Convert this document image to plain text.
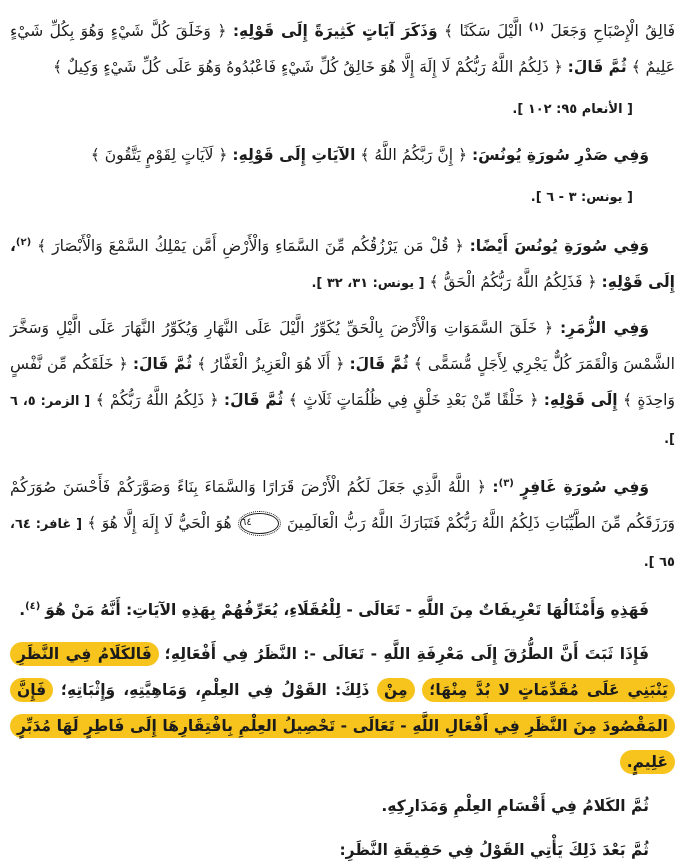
فَالِقُ الْإِصْبَاحِ وَجَعَلَ $^{(١)}$ الَّيْلَ سَكَنًا ﴾ وَذَكَرَ آيَاتٍ كَثِيرَةً إِلَى قَوْلِهِ: ﴿ وَخَلَقَ كُلَّ شَيْءٍ وَهُوَ بِكُلِّ شَيْءٍ عَلِيمٌ ﴾ ثُمَّ قَالَ: ﴿ ذَلِكُمُ اللَّهُ رَبُّكُمْ لَا إِلَهَ إِلَّا هُوَ خَالِقُ كُلِّ شَيْءٍ فَاعْبُدُوهُ وَهُوَ عَلَى كُلِّ شَيْءٍ وَكِيلٌ ﴾

[ الأنعام ٩٥: ١٠٢ ].

وَفِي صَدْرِ سُورَةِ يُونُسَ: ﴿ إِنَّ رَبَّكُمُ اللَّهُ ﴾ الآيَاتِ إِلَى قَوْلِهِ: ﴿ لَآيَاتٍ لِقَوْمٍ يَتَّقُونَ ﴾

[ يونس: ٣ - ٦ ].

وَفِي سُورَةِ يُونُسَ أَيْضًا: ﴿ قُلْ مَن يَرْزُقُكُم مِّنَ السَّمَاءِ وَالْأَرْضِ أَمَّن يَمْلِكُ السَّمْعَ وَالْأَبْصَارَ ﴾ $^{(٢)}$، إِلَى قَوْلِهِ: ﴿ فَذَلِكُمُ اللَّهُ رَبُّكُمُ الْحَقُّ ﴾ [ يونس: ٣١، ٣٢ ].

وَفِي الزُّمَرِ: ﴿ خَلَقَ السَّمَوَاتِ وَالْأَرْضَ بِالْحَقِّ يُكَوِّرُ الَّيْلَ عَلَى النَّهَارِ وَيُكَوِّرُ النَّهَارَ عَلَى الَّيْلِ وَسَخَّرَ الشَّمْسَ وَالْقَمَرَ كُلٌّ يَجْرِي لِأَجَلٍ مُّسَمًّى ﴾ ثُمَّ قَالَ: ﴿ أَلَا هُوَ الْعَزِيزُ الْغَفَّارُ ﴾ ثُمَّ قَالَ: ﴿ خَلَقَكُم مِّن نَّفْسٍ وَاحِدَةٍ ﴾ إِلَى قَوْلِهِ: ﴿ خَلْقًا مِّنْ بَعْدِ خَلْقٍ فِي ظُلُمَاتٍ ثَلَاثٍ ﴾ ثُمَّ قَالَ: ﴿ ذَلِكُمُ اللَّهُ رَبُّكُمْ ﴾ [ الزمر: ٥، ٦ ].

وَفِي سُورَةِ غَافِرٍ $^{(٣)}$: ﴿ اللَّهُ الَّذِي جَعَلَ لَكُمُ الْأَرْضَ قَرَارًا وَالسَّمَاءَ بِنَاءً وَصَوَّرَكُمْ فَأَحْسَنَ صُوَرَكُمْ وَرَزَقَكُم مِّنَ الطَّيِّبَاتِ ذَلِكُمُ اللَّهُ رَبُّكُمْ فَتَبَارَكَ اللَّهُ رَبُّ الْعَالَمِينَ ٦٤ هُوَ الْحَيُّ لَا إِلَهَ إِلَّا هُوَ ﴾ [ غافر: ٦٤، ٦٥ ].

فَهَذِهِ وَأَمْثَالُهَا تَعْرِيفَاتٌ مِنَ اللَّهِ - تَعَالَى - لِلْعُقَلَاءِ، يُعَرِّفُهُمْ بِهَذِهِ الآيَاتِ: أَنَّهُ مَنْ هُوَ $^{(٤)}$.

فَإِذَا ثَبَتَ أَنَّ الطُّرُقَ إِلَى مَعْرِفَةِ اللَّهِ - تَعَالَى -: النَّظَرُ فِي أَفْعَالِهِ؛ فَالكَلَامُ فِي النَّظَرِ يَنْبَنِي عَلَى مُقَدِّمَاتٍ لا بُدَّ مِنْهَا؛ مِنْ ذَلِكَ: القَوْلُ فِي العِلْمِ، وَمَاهِيَّتِهِ، وَإِثْبَاتِهِ؛ فَإِنَّ المَقْصُودَ مِنَ النَّظَرِ فِي أَفْعَالِ اللَّهِ - تَعَالَى - تَحْصِيلُ العِلْمِ بِافْتِقَارِهَا إِلَى فَاطِرٍ لَهَا مُدَبِّرٍ عَلِيمٍ.

ثُمَّ الكَلامُ فِي أَقْسَامِ العِلْمِ وَمَدَارِكِهِ.

ثُمَّ بَعْدَ ذَلِكَ يَأْتِي القَوْلُ فِي حَقِيقَةِ النَّظَرِ:
